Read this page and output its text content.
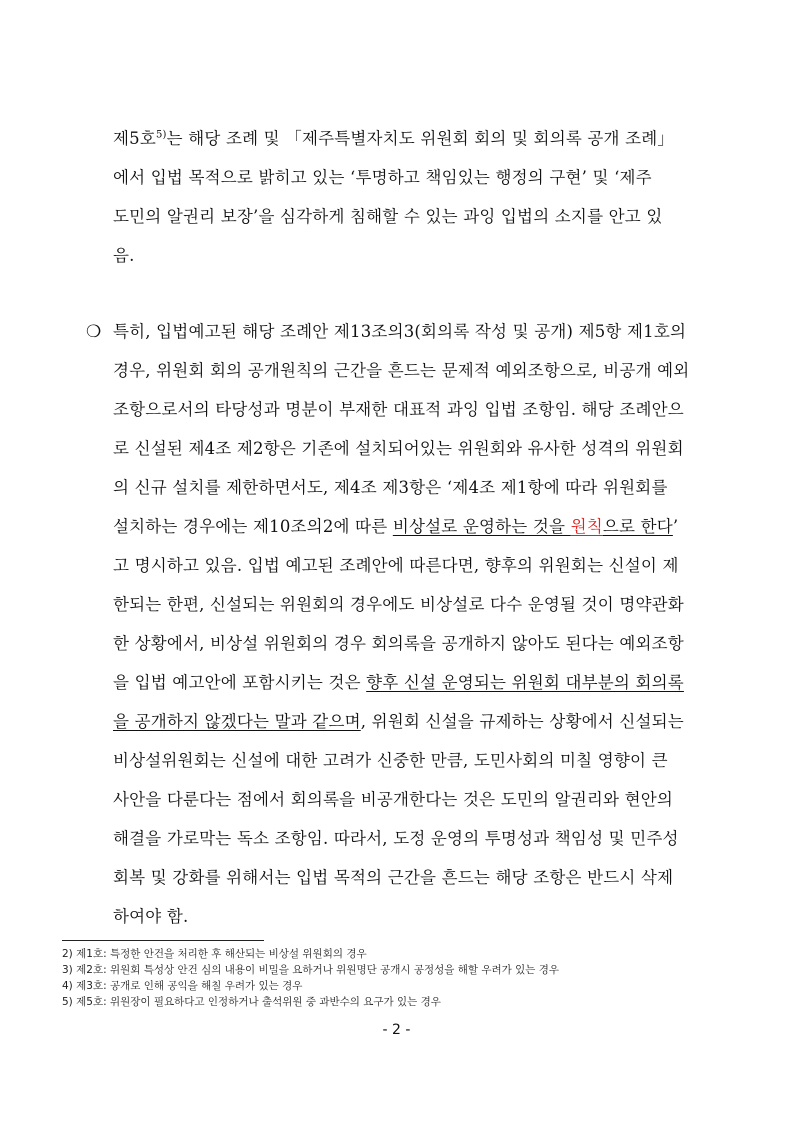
제5호$^{5)}$는 해당 조례 및 「제주특별자치도 위원회 회의 및 회의록 공개 조례」
에서 입법 목적으로 밝히고 있는 ‘투명하고 책임있는 행정의 구현’ 및 ‘제주
도민의 알권리 보장’을 심각하게 침해할 수 있는 과잉 입법의 소지를 안고 있
음.
❍ 특히, 입법예고된 해당 조례안 제13조의3(회의록 작성 및 공개) 제5항 제1호의
경우, 위원회 회의 공개원칙의 근간을 흔드는 문제적 예외조항으로, 비공개 예외
조항으로서의 타당성과 명분이 부재한 대표적 과잉 입법 조항임. 해당 조례안으
로 신설된 제4조 제2항은 기존에 설치되어있는 위원회와 유사한 성격의 위원회
의 신규 설치를 제한하면서도, 제4조 제3항은 ‘제4조 제1항에 따라 위원회를
설치하는 경우에는 제10조의2에 따른 비상설로 운영하는 것을 원칙으로 한다’
고 명시하고 있음. 입법 예고된 조례안에 따른다면, 향후의 위원회는 신설이 제
한되는 한편, 신설되는 위원회의 경우에도 비상설로 다수 운영될 것이 명약관화
한 상황에서, 비상설 위원회의 경우 회의록을 공개하지 않아도 된다는 예외조항
을 입법 예고안에 포함시키는 것은 향후 신설 운영되는 위원회 대부분의 회의록
을 공개하지 않겠다는 말과 같으며, 위원회 신설을 규제하는 상황에서 신설되는
비상설위원회는 신설에 대한 고려가 신중한 만큼, 도민사회의 미칠 영향이 큰
사안을 다룬다는 점에서 회의록을 비공개한다는 것은 도민의 알권리와 현안의
해결을 가로막는 독소 조항임. 따라서, 도정 운영의 투명성과 책임성 및 민주성
회복 및 강화를 위해서는 입법 목적의 근간을 흔드는 해당 조항은 반드시 삭제
하여야 함.
2) 제1호: 특정한 안건을 처리한 후 해산되는 비상설 위원회의 경우
3) 제2호: 위원회 특성상 안건 심의 내용이 비밀을 요하거나 위원명단 공개시 공정성을 해할 우려가 있는 경우
4) 제3호: 공개로 인해 공익을 해칠 우려가 있는 경우
5) 제5호: 위원장이 필요하다고 인정하거나 출석위원 중 과반수의 요구가 있는 경우
- 2 -
